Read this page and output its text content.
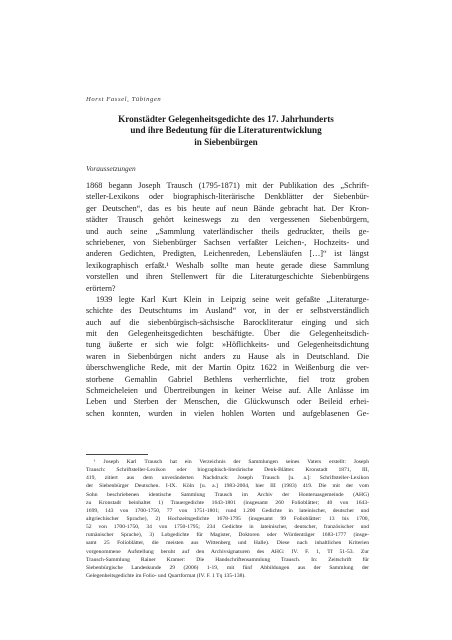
Horst Fassel, Tübingen
Kronstädter Gelegenheitsgedichte des 17. Jahrhunderts
und ihre Bedeutung für die Literaturentwicklung
in Siebenbürgen
Voraussetzungen
1868 begann Joseph Trausch (1795-1871) mit der Publikation des „Schrift-
steller-Lexikons oder biographisch-literärische Denkblätter der Siebenbür-
ger Deutschen“, das es bis heute auf neun Bände gebracht hat. Der Kron-
städter Trausch gehört keineswegs zu den vergessenen Siebenbürgern,
und auch seine „Sammlung vaterländischer theils gedruckter, theils ge-
schriebener, von Siebenbürger Sachsen verfaßter Leichen-, Hochzeits- und
anderen Gedichten, Predigten, Leichenreden, Lebensläufen […]“ ist längst
lexikographisch erfaßt.¹ Weshalb sollte man heute gerade diese Sammlung
vorstellen und ihren Stellenwert für die Literaturgeschichte Siebenbürgens
erörtern?
1939 legte Karl Kurt Klein in Leipzig seine weit gefaßte „Literaturge-
schichte des Deutschtums im Ausland“ vor, in der er selbstverständlich
auch auf die siebenbürgisch-sächsische Barockliteratur einging und sich
mit den Gelegenheitsgedichten beschäftigte. Über die Gelegenheitsdich-
tung äußerte er sich wie folgt: »Höflichkeits- und Gelegenheitsdichtung
waren in Siebenbürgen nicht anders zu Hause als in Deutschland. Die
überschwengliche Rede, mit der Martin Opitz 1622 in Weißenburg die ver-
storbene Gemahlin Gabriel Bethlens verherrlichte, fiel trotz groben
Schmeicheleien und Übertreibungen in keiner Weise auf. Alle Anlässe im
Leben und Sterben der Menschen, die Glückwunsch oder Beileid erhei-
schen konnten, wurden in vielen hohlen Worten und aufgeblasenen Ge-
¹ Joseph Karl Trausch hat ein Verzeichnis der Sammlungen seines Vaters erstellt: Joseph
Trausch: Schriftsteller-Lexikon oder biographisch-literärische Denk-Blätter. Kronstadt 1871, III,
419, zitiert aus dem unveränderten Nachdruck: Joseph Trausch [u. a.]: Schriftsteller-Lexikon
der Siebenbürger Deutschen. I-IX. Köln [u. a.] 1983-2004, hier III (1983) 419. Die mit der vom
Sohn beschriebenen identische Sammlung Trausch im Archiv der Honteruasgemeinde (AHG)
zu Kronstadt beinhaltet 1) Trauergedichte 1643-1801 (insgesamt 260 Folioblätter; 40 von 1643-
1699, 143 von 1700-1750, 77 von 1751-1801; rund 1.200 Gedichte in lateinischer, deutscher und
altgriechischer Sprache), 2) Hochzeitsgedichte 1678-1795 (insgesamt 99 Folioblätter: 13 bis 1700,
52 von 1700-1750, 34 von 1750-1795; 234 Gedichte in lateinischer, deutscher, französischer und
rumänischer Sprache), 3) Lobgedichte für Magister, Doktoren oder Würdenträger 1683-1777 (insge-
samt 25 Folioblätter, die meisten aus Wittenberg und Halle). Diese nach inhaltlichen Kriterien
vorgenommene Aufstellung beruht auf den Archivsignaturen des AHG: IV. F. 1, Tf 51-53. Zur
Trausch-Sammlung Rainer Kramer: Die Handschriftensammlung Trausch. In: Zeitschrift für
Siebenbürgische Landeskunde 29 (2006) 1-19, mit fünf Abbildungen aus der Sammlung der
Gelegenheitsgedichte im Folio- und Quartformat (IV. F. 1 Tq 135-138).
